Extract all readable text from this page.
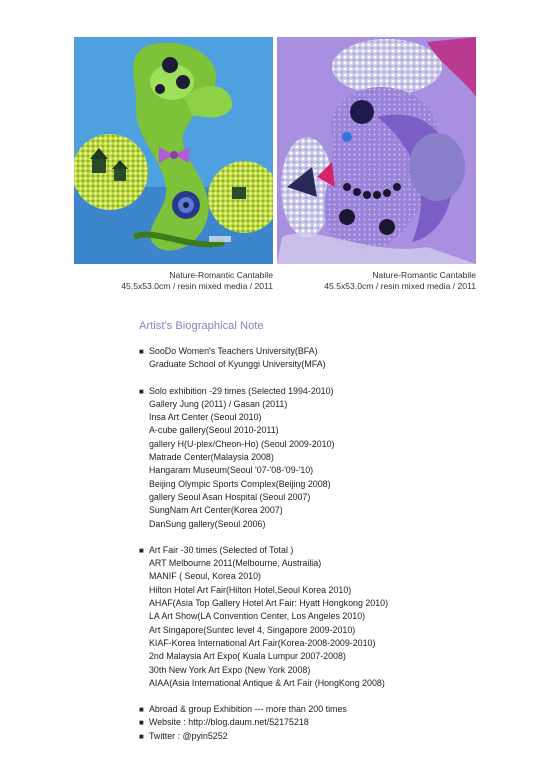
Nature-Romantic Cantabile
45.5x53.0cm / resin mixed media / 2011
Nature-Romantic Cantabile
45.5x53.0cm / resin mixed media / 2011
Artist's Biographical Note
■ SooDo Women's Teachers University(BFA)
Graduate School of Kyunggi University(MFA)
■ Solo exhibition -29 times (Selected 1994-2010)
Gallery Jung (2011) / Gasan (2011)
Insa Art Center (Seoul 2010)
A-cube gallery(Seoul 2010-2011)
gallery H(U-plex/Cheon-Ho) (Seoul 2009-2010)
Matrade Center(Malaysia 2008)
Hangaram Museum(Seoul '07-'08-'09-'10)
Beijing Olympic Sports Complex(Beijing 2008)
gallery Seoul Asan Hospital (Seoul 2007)
SungNam Art Center(Korea 2007)
DanSung gallery(Seoul 2006)
■ Art Fair -30 times (Selected of Total )
ART Melbourne 2011(Melbourne, Austrailia)
MANIF ( Seoul, Korea 2010)
Hilton Hotel Art Fair(Hilton Hotel,Seoul Korea 2010)
AHAF(Asia Top Gallery Hotel Art Fair: Hyatt Hongkong 2010)
LA Art Show(LA Convention Center, Los Angeles 2010)
Art Singapore(Suntec level 4, Singapore 2009-2010)
KIAF-Korea International Art Fair(Korea-2008-2009-2010)
2nd Malaysia Art Expo( Kuala Lumpur 2007-2008)
30th New York Art Expo (New York 2008)
AIAA(Asia International Antique & Art Fair (HongKong 2008)
■ Abroad & group Exhibition --- more than 200 times
■ Website : http://blog.daum.net/52175218
■ Twitter : @pyin5252
